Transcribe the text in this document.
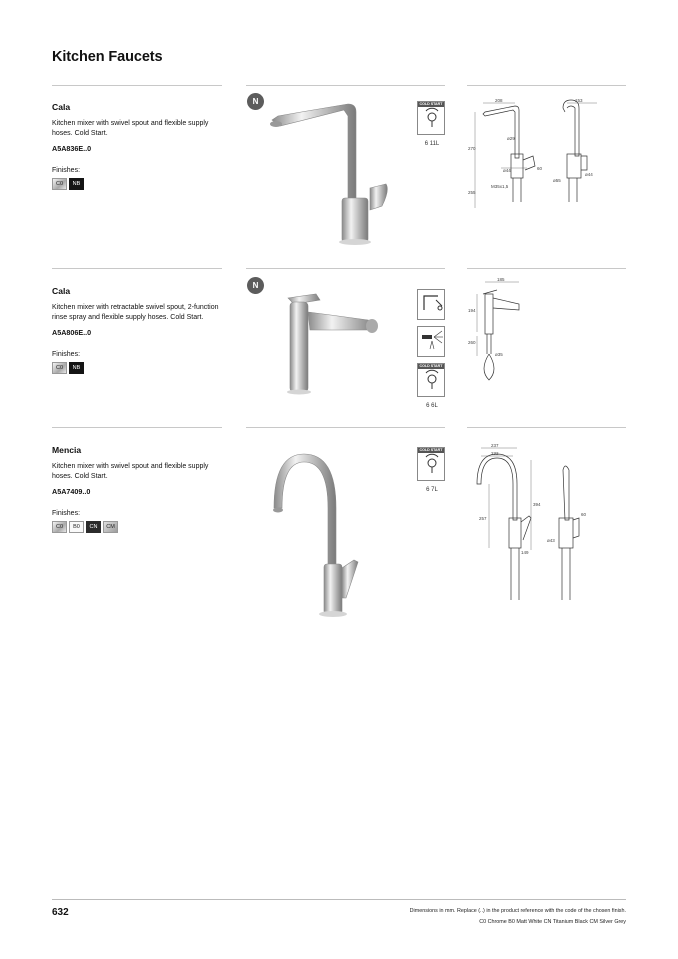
Kitchen Faucets
Cala
Kitchen mixer with swivel spout and flexible supply hoses. Cold Start.
A5A836E..0
Finishes:
C0	NB
N	COLD START
6 11L
208	153
270
ø29
ø44
ø55
ø44
60
255
M35x1,5
Cala
Kitchen mixer with retractable swivel spout, 2-function rinse spray and flexible supply hoses. Cold Start.
A5A806E..0
Finishes:
C0	NB
N
COLD START
6 6L
185
194
260
ø35
Mencia
Kitchen mixer with swivel spout and flexible supply hoses. Cold Start.
A5A7409..0
Finishes:
C0	B0	CN	CM
COLD START
6 7L
237
232
394
257
ø43
149
60
632	Dimensions in mm. Replace (..) in the product reference with the code of the chosen finish.
C0 Chrome B0 Matt White CN Titanium Black CM Silver Grey
